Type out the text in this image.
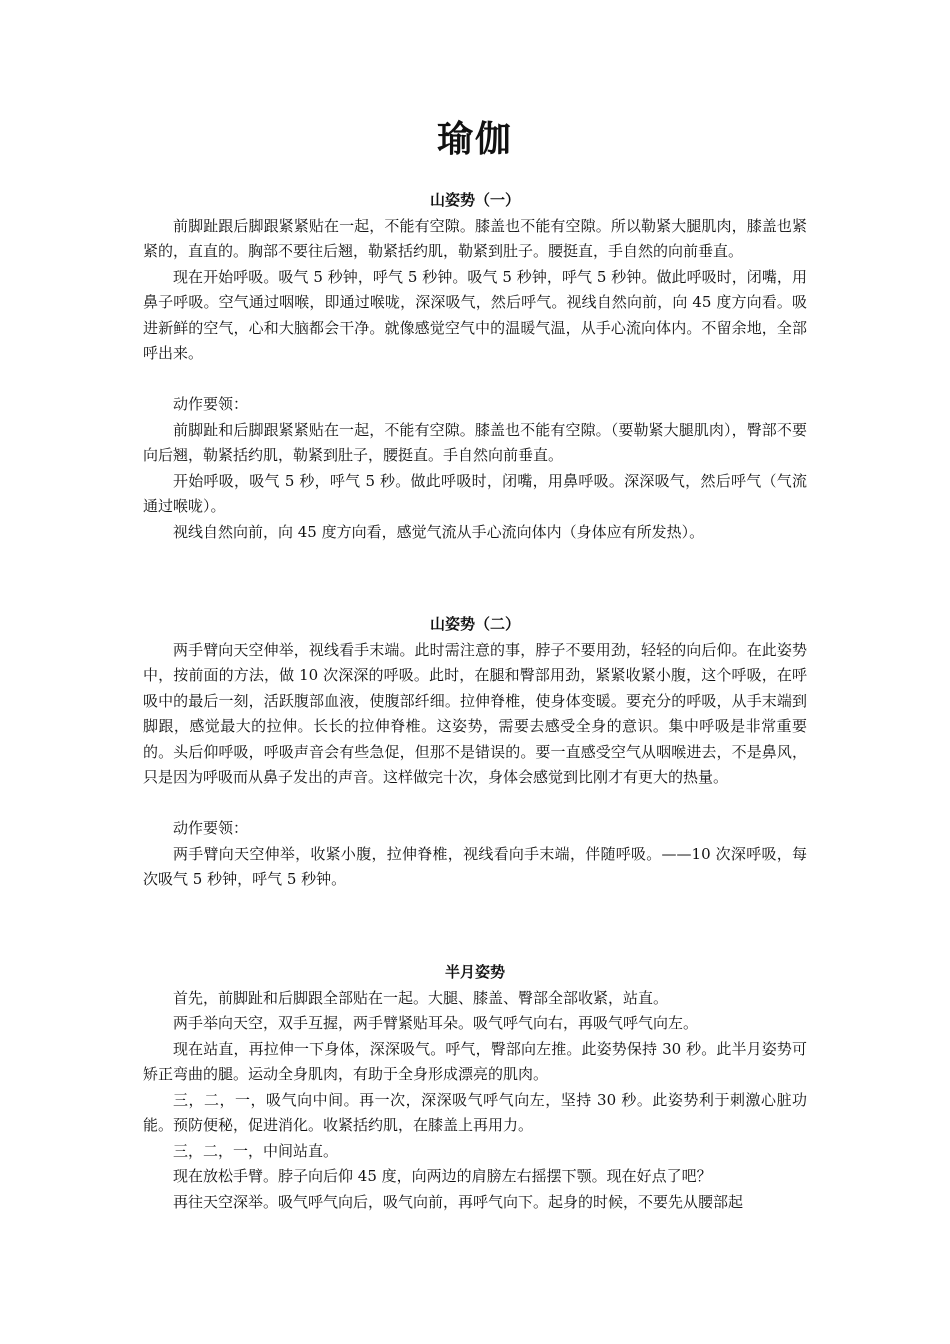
瑜伽

山姿势（一）

前脚趾跟后脚跟紧紧贴在一起，不能有空隙。膝盖也不能有空隙。所以勒紧大腿肌肉，膝盖也紧紧的，直直的。胸部不要往后翘，勒紧括约肌，勒紧到肚子。腰挺直，手自然的向前垂直。

现在开始呼吸。吸气 5 秒钟，呼气 5 秒钟。吸气 5 秒钟，呼气 5 秒钟。做此呼吸时，闭嘴，用鼻子呼吸。空气通过咽喉，即通过喉咙，深深吸气，然后呼气。视线自然向前，向 45 度方向看。吸进新鲜的空气，心和大脑都会干净。就像感觉空气中的温暖气温，从手心流向体内。不留余地，全部呼出来。

动作要领：

前脚趾和后脚跟紧紧贴在一起，不能有空隙。膝盖也不能有空隙。（要勒紧大腿肌肉），臀部不要向后翘，勒紧括约肌，勒紧到肚子，腰挺直。手自然向前垂直。

开始呼吸，吸气 5 秒，呼气 5 秒。做此呼吸时，闭嘴，用鼻呼吸。深深吸气，然后呼气（气流通过喉咙）。

视线自然向前，向 45 度方向看，感觉气流从手心流向体内（身体应有所发热）。

山姿势（二）

两手臂向天空伸举，视线看手末端。此时需注意的事，脖子不要用劲，轻轻的向后仰。在此姿势中，按前面的方法，做 10 次深深的呼吸。此时，在腿和臀部用劲，紧紧收紧小腹，这个呼吸，在呼吸中的最后一刻，活跃腹部血液，使腹部纤细。拉伸脊椎，使身体变暖。要充分的呼吸，从手末端到脚跟，感觉最大的拉伸。长长的拉伸脊椎。这姿势，需要去感受全身的意识。集中呼吸是非常重要的。头后仰呼吸，呼吸声音会有些急促，但那不是错误的。要一直感受空气从咽喉进去，不是鼻风，只是因为呼吸而从鼻子发出的声音。这样做完十次，身体会感觉到比刚才有更大的热量。

动作要领：

两手臂向天空伸举，收紧小腹，拉伸脊椎，视线看向手末端，伴随呼吸。——10 次深呼吸，每次吸气 5 秒钟，呼气 5 秒钟。

半月姿势

首先，前脚趾和后脚跟全部贴在一起。大腿、膝盖、臀部全部收紧，站直。

两手举向天空，双手互握，两手臂紧贴耳朵。吸气呼气向右，再吸气呼气向左。

现在站直，再拉伸一下身体，深深吸气。呼气，臀部向左推。此姿势保持 30 秒。此半月姿势可矫正弯曲的腿。运动全身肌肉，有助于全身形成漂亮的肌肉。

三，二，一，吸气向中间。再一次，深深吸气呼气向左，坚持 30 秒。此姿势利于刺激心脏功能。预防便秘，促进消化。收紧括约肌，在膝盖上再用力。

三，二，一，中间站直。

现在放松手臂。脖子向后仰 45 度，向两边的肩膀左右摇摆下颚。现在好点了吧？

再往天空深举。吸气呼气向后，吸气向前，再呼气向下。起身的时候，不要先从腰部起
